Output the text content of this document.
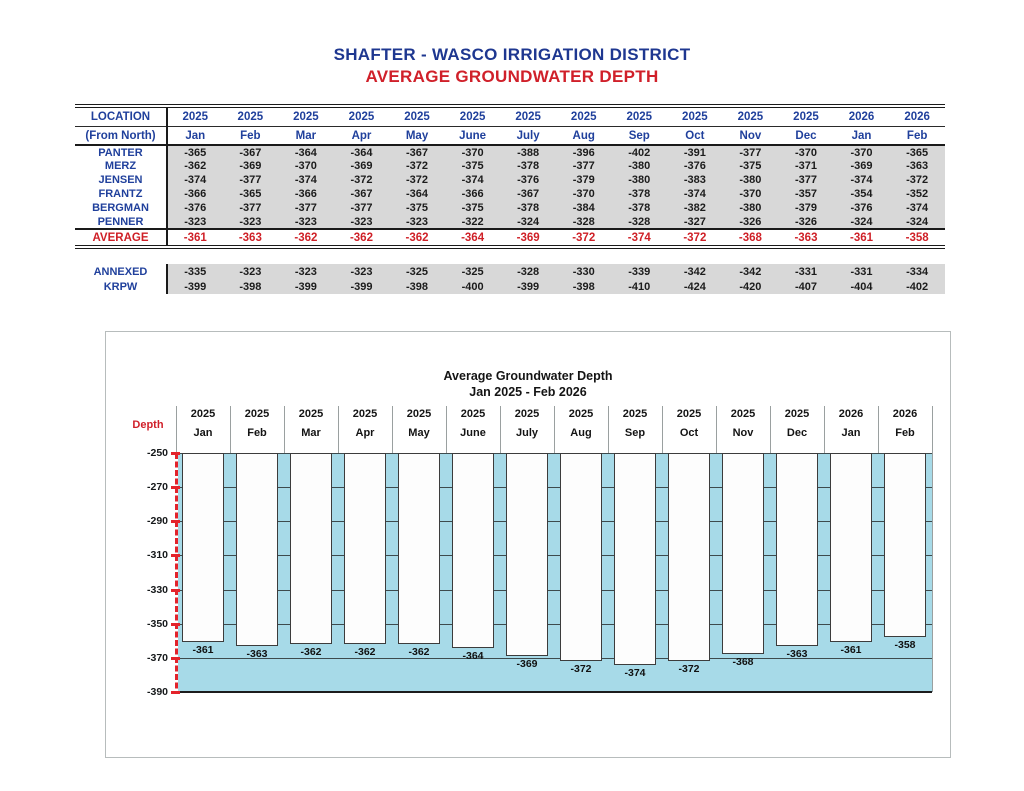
SHAFTER - WASCO IRRIGATION DISTRICT
AVERAGE GROUNDWATER DEPTH
LOCATION	2025	2025	2025	2025	2025	2025	2025	2025	2025	2025	2025	2025	2026	2026
(From North)	Jan	Feb	Mar	Apr	May	June	July	Aug	Sep	Oct	Nov	Dec	Jan	Feb
PANTER	-365	-367	-364	-364	-367	-370	-388	-396	-402	-391	-377	-370	-370	-365
MERZ	-362	-369	-370	-369	-372	-375	-378	-377	-380	-376	-375	-371	-369	-363
JENSEN	-374	-377	-374	-372	-372	-374	-376	-379	-380	-383	-380	-377	-374	-372
FRANTZ	-366	-365	-366	-367	-364	-366	-367	-370	-378	-374	-370	-357	-354	-352
BERGMAN	-376	-377	-377	-377	-375	-375	-378	-384	-378	-382	-380	-379	-376	-374
PENNER	-323	-323	-323	-323	-323	-322	-324	-328	-328	-327	-326	-326	-324	-324
AVERAGE	-361	-363	-362	-362	-362	-364	-369	-372	-374	-372	-368	-363	-361	-358
ANNEXED	-335	-323	-323	-323	-325	-325	-328	-330	-339	-342	-342	-331	-331	-334
KRPW	-399	-398	-399	-399	-398	-400	-399	-398	-410	-424	-420	-407	-404	-402
Average Groundwater Depth
Jan 2025 - Feb 2026
Depth
2025
Jan
2025
Feb
2025
Mar
2025
Apr
2025
May
2025
June
2025
July
2025
Aug
2025
Sep
2025
Oct
2025
Nov
2025
Dec
2026
Jan
2026
Feb
-361	-363	-362	-362	-362	-364
-369	-372	-374	-372
-368
-363	-361	-358
-250
-270
-290
-310
-330
-350
-370
-390
